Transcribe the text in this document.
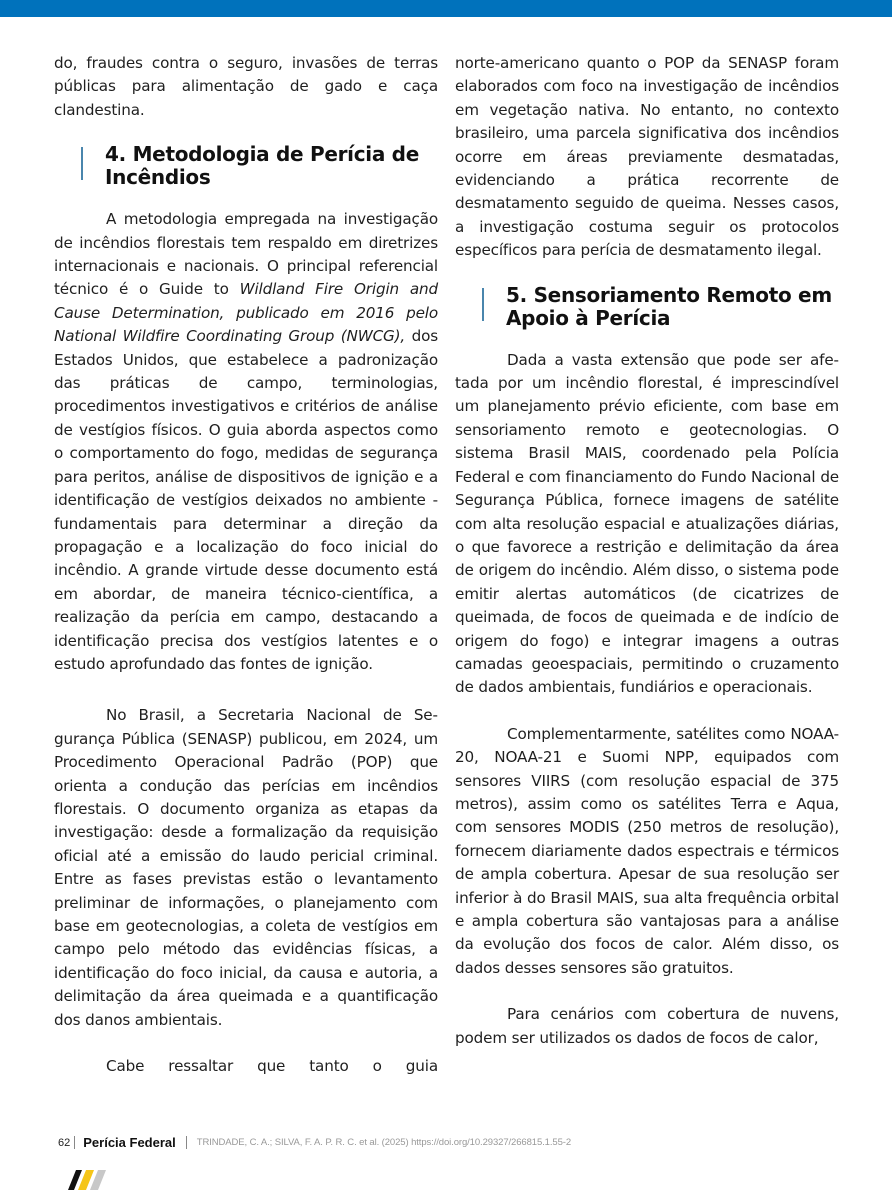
do, fraudes contra o seguro, invasões de terras públicas para alimentação de gado e caça clandestina.

4. Metodologia de Perícia de Incêndios

A metodologia empregada na investigação de incêndios florestais tem respaldo em diretrizes internacionais e nacionais. O principal referencial técnico é o Guide to Wildland Fire Origin and Cause Determination, publicado em 2016 pelo National Wildfire Coordinating Group (NWCG), dos Estados Unidos, que estabelece a padronização das práticas de campo, terminologias, procedimentos investigativos e critérios de análise de vestígios físicos. O guia aborda aspectos como o comportamento do fogo, medidas de segurança para peritos, análise de dispositivos de ignição e a identificação de vestígios deixados no ambiente - fundamentais para determinar a direção da propagação e a localização do foco inicial do incêndio. A grande virtude desse documento está em abordar, de maneira técnico-científica, a realização da perícia em campo, destacando a identificação precisa dos vestígios latentes e o estudo aprofundado das fontes de ignição.

No Brasil, a Secretaria Nacional de Segurança Pública (SENASP) publicou, em 2024, um Procedimento Operacional Padrão (POP) que orienta a condução das perícias em incêndios florestais. O documento organiza as etapas da investigação: desde a formalização da requisição oficial até a emissão do laudo pericial criminal. Entre as fases previstas estão o levantamento preliminar de informações, o planejamento com base em geotecnologias, a coleta de vestígios em campo pelo método das evidências físicas, a identificação do foco inicial, da causa e autoria, a delimitação da área queimada e a quantificação dos danos ambientais.

Cabe ressaltar que tanto o guia

norte-americano quanto o POP da SENASP foram elaborados com foco na investigação de incêndios em vegetação nativa. No entanto, no contexto brasileiro, uma parcela significativa dos incêndios ocorre em áreas previamente desmatadas, evidenciando a prática recorrente de desmatamento seguido de queima. Nesses casos, a investigação costuma seguir os protocolos específicos para perícia de desmatamento ilegal.

5. Sensoriamento Remoto em Apoio à Perícia

Dada a vasta extensão que pode ser afetada por um incêndio florestal, é imprescindível um planejamento prévio eficiente, com base em sensoriamento remoto e geotecnologias. O sistema Brasil MAIS, coordenado pela Polícia Federal e com financiamento do Fundo Nacional de Segurança Pública, fornece imagens de satélite com alta resolução espacial e atualizações diárias, o que favorece a restrição e delimitação da área de origem do incêndio. Além disso, o sistema pode emitir alertas automáticos (de cicatrizes de queimada, de focos de queimada e de indício de origem do fogo) e integrar imagens a outras camadas geoespaciais, permitindo o cruzamento de dados ambientais, fundiários e operacionais.

Complementarmente, satélites como NOAA-20, NOAA-21 e Suomi NPP, equipados com sensores VIIRS (com resolução espacial de 375 metros), assim como os satélites Terra e Aqua, com sensores MODIS (250 metros de resolução), fornecem diariamente dados espectrais e térmicos de ampla cobertura. Apesar de sua resolução ser inferior à do Brasil MAIS, sua alta frequência orbital e ampla cobertura são vantajosas para a análise da evolução dos focos de calor. Além disso, os dados desses sensores são gratuitos.

Para cenários com cobertura de nuvens, podem ser utilizados os dados de focos de calor,

62 Perícia Federal TRINDADE, C. A.; SILVA, F. A. P. R. C. et al. (2025) https://doi.org/10.29327/266815.1.55-2
